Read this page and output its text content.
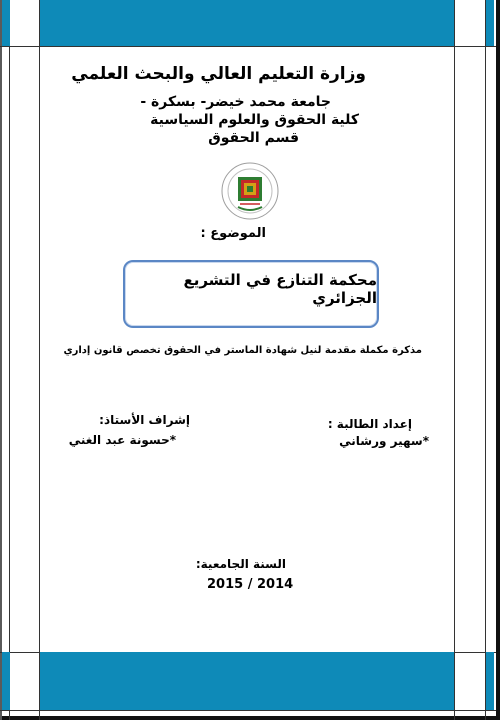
وزارة التعليم العالي والبحث العلمي
جامعة محمد خيضر- بسكرة -
كلية الحقوق والعلوم السياسية
قسم الحقوق
الموضوع :
محكمة التنازع في التشريع الجزائري
مذكرة مكملة مقدمة لنيل شهادة الماستر في الحقوق تخصص قانون إداري
إعداد الطالبة :
إشراف الأستاذ:
*سهير ورشاني
*حسونة عبد الغني
السنة الجامعية:
2015 / 2014
